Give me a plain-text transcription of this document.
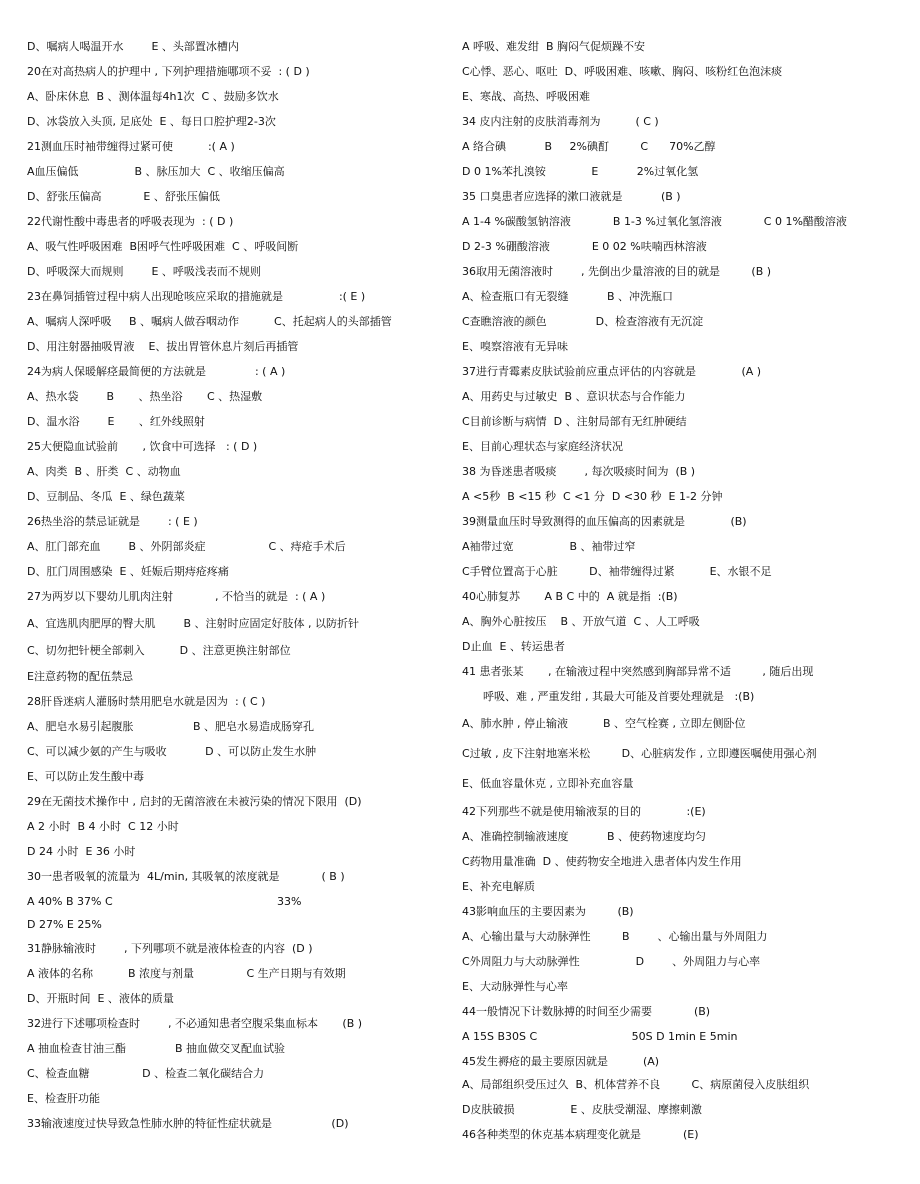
D、嘱病人喝温开水        E 、头部置冰槽内
20在对高热病人的护理中 , 下列护理措施哪项不妥  : ( D )
A、卧床休息  B 、测体温每4h1次  C 、鼓励多饮水
D、冰袋放入头顶, 足底处  E 、每日口腔护理2-3次
21测血压时袖带缠得过紧可使          :( A )
A血压偏低                B 、脉压加大  C 、收缩压偏高
D、舒张压偏高            E 、舒张压偏低
22代谢性酸中毒患者的呼吸表现为  : ( D )
A、吸气性呼吸困难  B困呼气性呼吸困难  C 、呼吸间断
D、呼吸深大而规则        E 、呼吸浅表而不规则
23在鼻饲插管过程中病人出现呛咳应采取的措施就是                :( E )
A、嘱病人深呼吸     B 、嘱病人做吞咽动作          C、托起病人的头部插管
D、用注射器抽吸胃液    E、拔出胃管休息片刻后再插管
24为病人保暖解痉最简便的方法就是              : ( A )
A、热水袋        B       、热坐浴       C 、热湿敷
D、温水浴        E       、红外线照射
25大便隐血试验前       , 饮食中可选择   : ( D )
A、肉类  B 、肝类  C 、动物血
D、豆制品、冬瓜  E 、绿色蔬菜
26热坐浴的禁忌证就是        : ( E )
A、肛门部充血        B 、外阴部炎症                  C 、痔疮手术后
D、肛门周围感染  E 、妊娠后期痔疮疼痛
27为两岁以下婴幼儿肌肉注射            , 不恰当的就是  : ( A )
A、宜选肌肉肥厚的臀大肌        B 、注射时应固定好肢体 , 以防折针
C、切勿把针梗全部刺入          D 、注意更换注射部位
E注意药物的配伍禁忌
28肝昏迷病人灌肠时禁用肥皂水就是因为  : ( C )
A、肥皂水易引起腹胀                 B 、肥皂水易造成肠穿孔
C、可以减少氨的产生与吸收           D 、可以防止发生水肿
E、可以防止发生酸中毒
29在无菌技术操作中 , 启封的无菌溶液在未被污染的情况下限用  (D)
A 2 小时  B 4 小时  C 12 小时
D 24 小时  E 36 小时
30一患者吸氧的流量为  4L/min, 其吸氧的浓度就是            ( B )
A 40% B 37% C                                               33%
D 27% E 25%
31静脉输液时        , 下列哪项不就是液体检查的内容  (D )
A 液体的名称          B 浓度与剂量               C 生产日期与有效期
D、开瓶时间  E 、液体的质量
32进行下述哪项检查时        , 不必通知患者空腹采集血标本       (B )
A 抽血检查甘油三酯              B 抽血做交叉配血试验
C、检查血糖               D 、检查二氧化碳结合力
E、检查肝功能
33输液速度过快导致急性肺水肿的特征性症状就是                 (D)
A 呼吸、难发绀  B 胸闷气促烦躁不安
C心悸、恶心、呕吐  D、呼吸困难、咳嗽、胸闷、咳粉红色泡沫痰
E、寒战、高热、呼吸困难
34 皮内注射的皮肤消毒剂为          ( C )
A 络合碘           B     2%碘酊         C      70%乙醇
D 0 1%苯扎溴铵             E           2%过氧化氢
35 口臭患者应选择的漱口液就是           (B )
A 1-4 %碳酸氢钠溶液            B 1-3 %过氧化氢溶液            C 0 1%醋酸溶液
D 2-3 %硼酸溶液            E 0 02 %呋喃西林溶液
36取用无菌溶液时        , 先倒出少量溶液的目的就是         (B )
A、检查瓶口有无裂缝           B 、冲洗瓶口
C查瞧溶液的颜色              D、检查溶液有无沉淀
E、嗅察溶液有无异味
37进行青霉素皮肤试验前应重点评估的内容就是             (A )
A、用药史与过敏史  B 、意识状态与合作能力
C目前诊断与病情  D 、注射局部有无红肿硬结
E、目前心理状态与家庭经济状况
38 为昏迷患者吸痰        , 每次吸痰时间为  (B )
A <5秒  B <15 秒  C <1 分  D <30 秒  E 1-2 分钟
39测量血压时导致测得的血压偏高的因素就是             (B)
A袖带过宽                B 、袖带过窄
C手臂位置高于心脏         D、袖带缠得过紧          E、水银不足
40心肺复苏       A B C 中的  A 就是指  :(B)
A、胸外心脏按压    B 、开放气道  C 、人工呼吸
D止血  E 、转运患者
41 患者张某       , 在输液过程中突然感到胸部异常不适         , 随后出现
呼吸、难 , 严重发绀 , 其最大可能及首要处理就是   :(B)
A、肺水肿 , 停止输液          B 、空气栓赛 , 立即左侧卧位
C过敏 , 皮下注射地塞米松         D、心脏病发作 , 立即遵医嘱使用强心剂
E、低血容量休克 , 立即补充血容量
42下列那些不就是使用输液泵的目的             :(E)
A、准确控制输液速度           B 、使药物速度均匀
C药物用量准确  D 、使药物安全地进入患者体内发生作用
E、补充电解质
43影响血压的主要因素为         (B)
A、心输出量与大动脉弹性         B        、心输出量与外周阻力
C外周阻力与大动脉弹性                D        、外周阻力与心率
E、大动脉弹性与心率
44一般情况下计数脉搏的时间至少需要            (B)
A 15S B30S C                           50S D 1min E 5min
45发生褥疮的最主要原因就是          (A)
A、局部组织受压过久  B、机体营养不良         C、病原菌侵入皮肤组织
D皮肤破损                E 、皮肤受潮湿、摩擦刺激
46各种类型的休克基本病理变化就是            (E)
